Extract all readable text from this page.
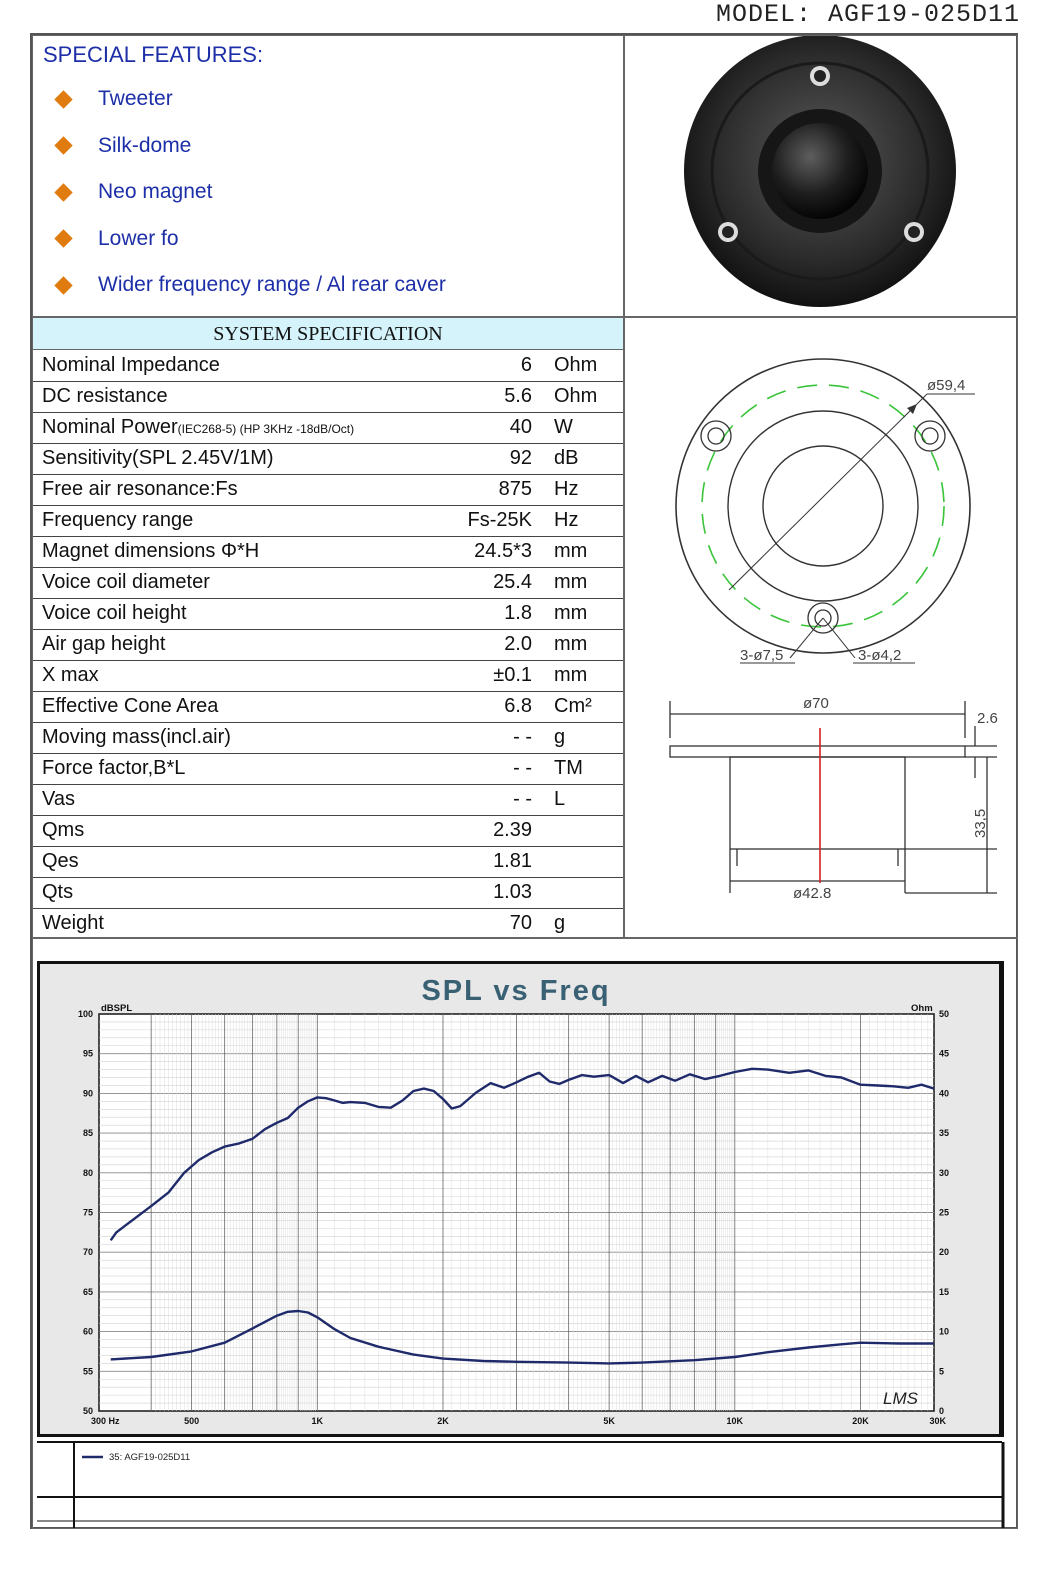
MODEL: AGF19-025D11
SPECIAL FEATURES:
Tweeter
Silk-dome
Neo magnet
Lower fo
Wider frequency range / Al rear caver
SYSTEM SPECIFICATION
Nominal Impedance	6	Ohm
DC resistance	5.6	Ohm
Nominal Power(IEC268-5) (HP 3KHz -18dB/Oct)	40	W
Sensitivity(SPL 2.45V/1M)	92	dB
Free air resonance:Fs	875	Hz
Frequency range	Fs-25K	Hz
Magnet dimensions Φ*H	24.5*3	mm
Voice coil diameter	25.4	mm
Voice coil height	1.8	mm
Air gap height	2.0	mm
X max	±0.1	mm
Effective Cone Area	6.8	Cm²
Moving mass(incl.air)	- -	g
Force factor,B*L	- -	TM
Vas	- -	L
Qms	2.39	
Qes	1.81	
Qts	1.03	
Weight	70	g
ø59,4
3-ø7,5	3-ø4,2
ø70
2.6
33,5
ø42.8
SPL vs Freq
50
55
60
65
70
75
80
85
90
95
100
0
5
10
15
20
25
30
35
40
45
50
300 Hz	500	1K	2K	5K	10K	20K	30K
dBSPL	Ohm
LMS
35: AGF19-025D11
